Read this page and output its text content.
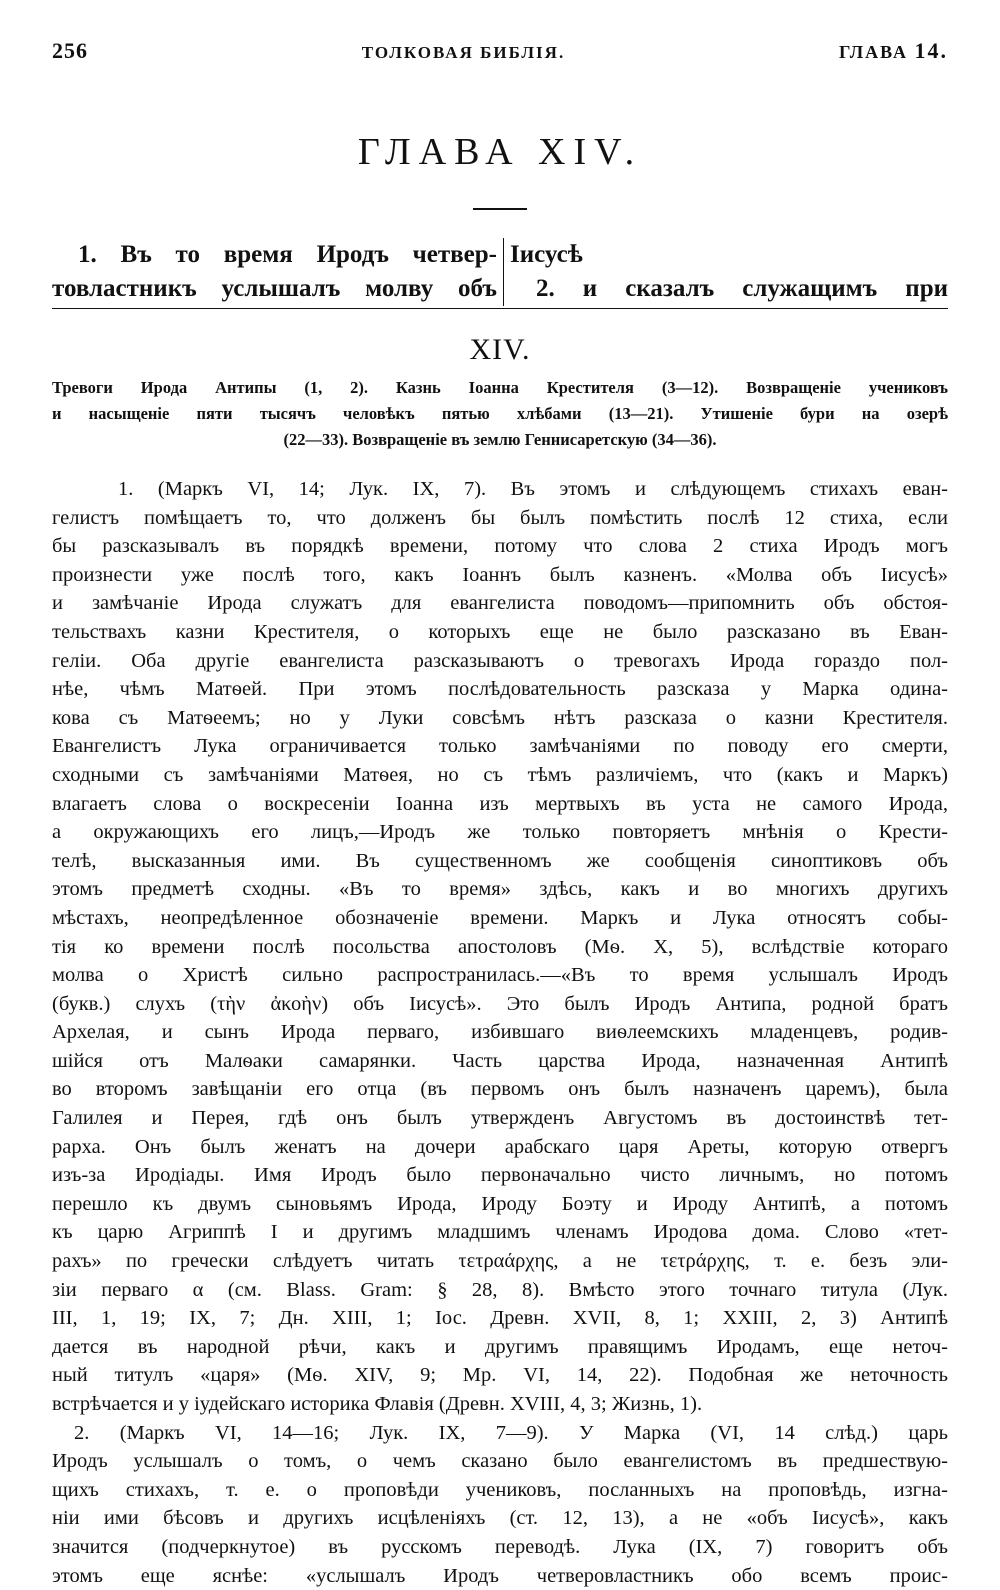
256	ТОЛКОВАЯ БИБЛІЯ.	ГЛАВА 14.
ГЛАВА XIV.
1. Въ то время Иродъ четвер-
товластникъ услышалъ молву объ
Іисусѣ
2. и сказалъ служащимъ при
XIV.
Тревоги Ирода Антипы (1, 2). Казнь Іоанна Крестителя (3—12). Возвращеніе учениковъ
и насыщеніе пяти тысячъ человѣкъ пятью хлѣбами (13—21). Утишеніе бури на озерѣ
(22—33). Возвращеніе въ землю Геннисаретскую (34—36).
1. (Маркъ VI, 14; Лук. IX, 7). Въ этомъ и слѣдующемъ стихахъ еван-
гелистъ помѣщаетъ то, что долженъ бы былъ помѣстить послѣ 12 стиха, если
бы разсказывалъ въ порядкѣ времени, потому что слова 2 стиха Иродъ могъ
произнести уже послѣ того, какъ Іоаннъ былъ казненъ. «Молва объ Іисусѣ»
и замѣчаніе Ирода служатъ для евангелиста поводомъ—припомнить объ обстоя-
тельствахъ казни Крестителя, о которыхъ еще не было разсказано въ Еван-
геліи. Оба другіе евангелиста разсказываютъ о тревогахъ Ирода гораздо пол-
нѣе, чѣмъ Матѳей. При этомъ послѣдовательность разсказа у Марка одина-
кова съ Матѳеемъ; но у Луки совсѣмъ нѣтъ разсказа о казни Крестителя.
Евангелистъ Лука ограничивается только замѣчаніями по поводу его смерти,
сходными съ замѣчаніями Матѳея, но съ тѣмъ различіемъ, что (какъ и Маркъ)
влагаетъ слова о воскресеніи Іоанна изъ мертвыхъ въ уста не самого Ирода,
а окружающихъ его лицъ,—Иродъ же только повторяетъ мнѣнія о Крести-
телѣ, высказанныя ими. Въ существенномъ же сообщенія синоптиковъ объ
этомъ предметѣ сходны. «Въ то время» здѣсь, какъ и во многихъ другихъ
мѣстахъ, неопредѣленное обозначеніе времени. Маркъ и Лука относятъ собы-
тія ко времени послѣ посольства апостоловъ (Мѳ. X, 5), вслѣдствіе котораго
молва о Христѣ сильно распространилась.—«Въ то время услышалъ Иродъ
(букв.) слухъ (τὴν ἀκοὴν) объ Іисусѣ». Это былъ Иродъ Антипа, родной братъ
Архелая, и сынъ Ирода перваго, избившаго виѳлеемскихъ младенцевъ, родив-
шійся отъ Малѳаки самарянки. Часть царства Ирода, назначенная Антипѣ
во второмъ завѣщаніи его отца (въ первомъ онъ былъ назначенъ царемъ), была
Галилея и Перея, гдѣ онъ былъ утвержденъ Августомъ въ достоинствѣ тет-
рарха. Онъ былъ женатъ на дочери арабскаго царя Ареты, которую отвергъ
изъ-за Иродіады. Имя Иродъ было первоначально чисто личнымъ, но потомъ
перешло къ двумъ сыновьямъ Ирода, Ироду Боэту и Ироду Антипѣ, а потомъ
къ царю Агриппѣ I и другимъ младшимъ членамъ Иродова дома. Слово «тет-
рахъ» по гречески слѣдуетъ читать τετραάρχης, а не τετράρχης, т. е. безъ эли-
зіи перваго α (см. Blass. Gram: § 28, 8). Вмѣсто этого точнаго титула (Лук.
III, 1, 19; IX, 7; Дн. XIII, 1; Іос. Древн. XVII, 8, 1; XXIII, 2, 3) Антипѣ
дается въ народной рѣчи, какъ и другимъ правящимъ Иродамъ, еще неточ-
ный титулъ «царя» (Мѳ. XIV, 9; Мр. VI, 14, 22). Подобная же неточность
встрѣчается и у іудейскаго историка Флавія (Древн. XVIII, 4, 3; Жизнь, 1).
2. (Маркъ VI, 14—16; Лук. IX, 7—9). У Марка (VI, 14 слѣд.) царь
Иродъ услышалъ о томъ, о чемъ сказано было евангелистомъ въ предшествую-
щихъ стихахъ, т. е. о проповѣди учениковъ, посланныхъ на проповѣдь, изгна-
ніи ими бѣсовъ и другихъ исцѣленіяхъ (ст. 12, 13), а не «объ Іисусѣ», какъ
значится (подчеркнутое) въ русскомъ переводѣ. Лука (IX, 7) говоритъ объ
этомъ еще яснѣе: «услышалъ Иродъ четверовластникъ обо всемъ проис-
